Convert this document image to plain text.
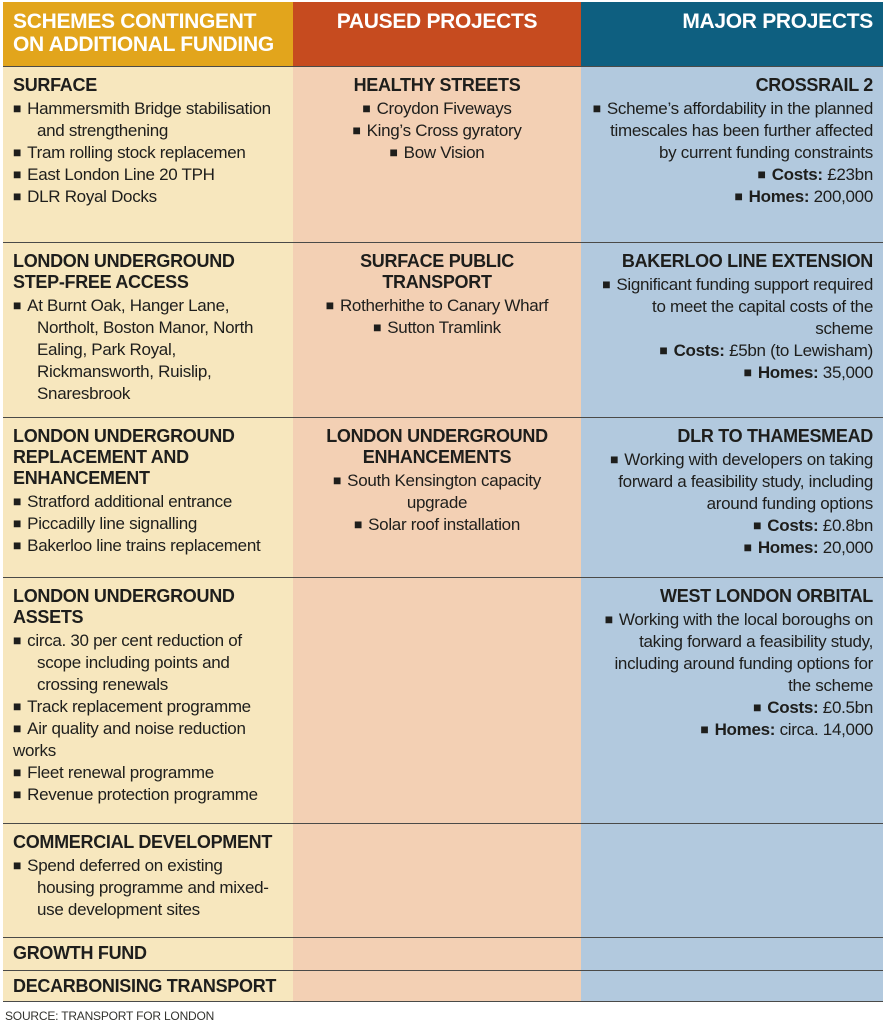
SCHEMES CONTINGENT ON ADDITIONAL FUNDING
PAUSED PROJECTS	MAJOR PROJECTS
SURFACE
■ Hammersmith Bridge stabilisation and strengthening
■ Tram rolling stock replacemen
■ East London Line 20 TPH
■ DLR Royal Docks
HEALTHY STREETS
■ Croydon Fiveways
■ King’s Cross gyratory
■ Bow Vision
CROSSRAIL 2
■ Scheme’s affordability in the planned timescales has been further affected by current funding constraints
■ Costs: £23bn
■ Homes: 200,000
LONDON UNDERGROUND STEP-FREE ACCESS
■ At Burnt Oak, Hanger Lane, Northolt, Boston Manor, North Ealing, Park Royal, Rickmansworth, Ruislip, Snaresbrook
SURFACE PUBLIC TRANSPORT
■ Rotherhithe to Canary Wharf
■ Sutton Tramlink
BAKERLOO LINE EXTENSION
■ Significant funding support required to meet the capital costs of the scheme
■ Costs: £5bn (to Lewisham)
■ Homes: 35,000
LONDON UNDERGROUND REPLACEMENT AND ENHANCEMENT
■ Stratford additional entrance
■ Piccadilly line signalling
■ Bakerloo line trains replacement
LONDON UNDERGROUND ENHANCEMENTS
■ South Kensington capacity upgrade
■ Solar roof installation
DLR TO THAMESMEAD
■ Working with developers on taking forward a feasibility study, including around funding options
■ Costs: £0.8bn
■ Homes: 20,000
LONDON UNDERGROUND ASSETS
■ circa. 30 per cent reduction of scope including points and crossing renewals
■ Track replacement programme
■ Air quality and noise reduction works
■ Fleet renewal programme
■ Revenue protection programme
WEST LONDON ORBITAL
■ Working with the local boroughs on taking forward a feasibility study, including around funding options for the scheme
■ Costs: £0.5bn
■ Homes: circa. 14,000
COMMERCIAL DEVELOPMENT
■ Spend deferred on existing housing programme and mixed-use development sites
GROWTH FUND
DECARBONISING TRANSPORT
SOURCE: TRANSPORT FOR LONDON
